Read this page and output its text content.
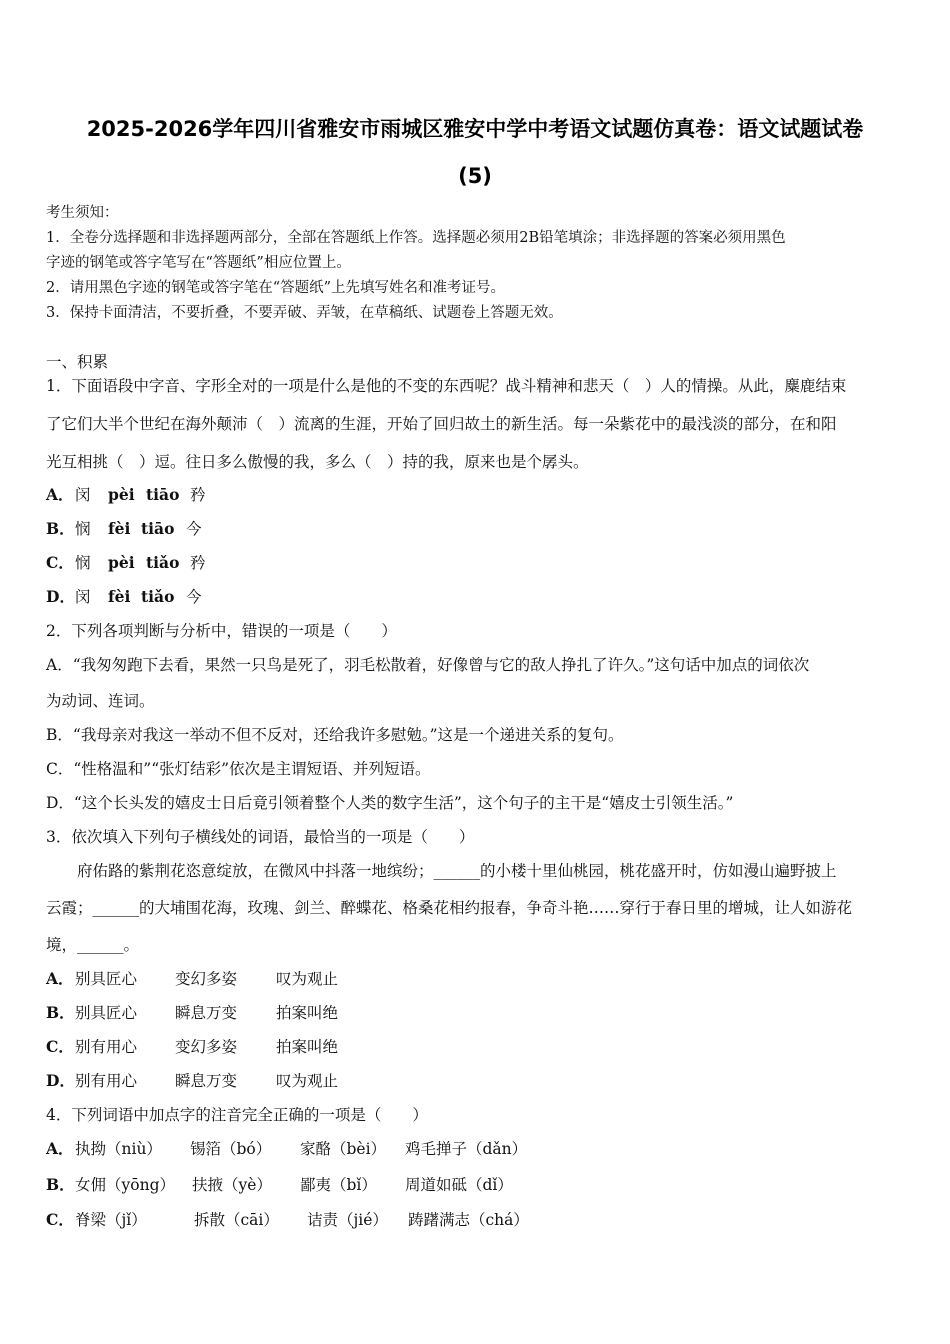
2025-2026学年四川省雅安市雨城区雅安中学中考语文试题仿真卷：语文试题试卷
(5)
考生须知：
1．全卷分选择题和非选择题两部分，全部在答题纸上作答。选择题必须用2B铅笔填涂；非选择题的答案必须用黑色
字迹的钢笔或答字笔写在“答题纸”相应位置上。
2．请用黑色字迹的钢笔或答字笔在“答题纸”上先填写姓名和准考证号。
3．保持卡面清洁，不要折叠，不要弄破、弄皱，在草稿纸、试题卷上答题无效。
一、积累
1．下面语段中字音、字形全对的一项是什么是他的不变的东西呢？战斗精神和悲天（　）人的情操。从此，麋鹿结束
了它们大半个世纪在海外颠沛（　）流离的生涯，开始了回归故土的新生活。每一朵紫花中的最浅淡的部分，在和阳
光互相挑（　）逗。往日多么傲慢的我，多么（　）持的我，原来也是个孱头。
A． 闵 pèi tiāo 矜
B． 悯 fèi tiāo 今
C． 悯 pèi tiǎo 矜
D． 闵 fèi tiǎo 今
2．下列各项判断与分析中，错误的一项是（　　）
A．“我匆匆跑下去看，果然一只鸟是死了，羽毛松散着，好像曾与它的敌人挣扎了许久。”这句话中加点的词依次
为动词、连词。
B．“我母亲对我这一举动不但不反对，还给我许多慰勉。”这是一个递进关系的复句。
C．“性格温和”“张灯结彩”依次是主谓短语、并列短语。
D．“这个长头发的嬉皮士日后竟引领着整个人类的数字生活”，这个句子的主干是“嬉皮士引领生活。”
3．依次填入下列句子横线处的词语，最恰当的一项是（　　）
　　府佑路的紫荆花恣意绽放，在微风中抖落一地缤纷；______的小楼十里仙桃园，桃花盛开时，仿如漫山遍野披上
云霞；______的大埔围花海，玫瑰、剑兰、醉蝶花、格桑花相约报春，争奇斗艳……穿行于春日里的增城，让人如游花
境，______。
A． 别具匠心 变幻多姿	叹为观止
B． 别具匠心 瞬息万变	拍案叫绝
C． 别有用心 变幻多姿	拍案叫绝
D． 别有用心 瞬息万变	叹为观止
4．下列词语中加点字的注音完全正确的一项是（　　）
A． 执拗（niù） 锡箔（bó） 家酪（bèi） 鸡毛掸子（dǎn）
B． 女佣（yōng） 扶掖（yè） 鄙夷（bǐ） 周道如砥（dǐ）
C． 脊梁（jǐ）	拆散（cāi） 诘责（jié） 踌躇满志（chá）
